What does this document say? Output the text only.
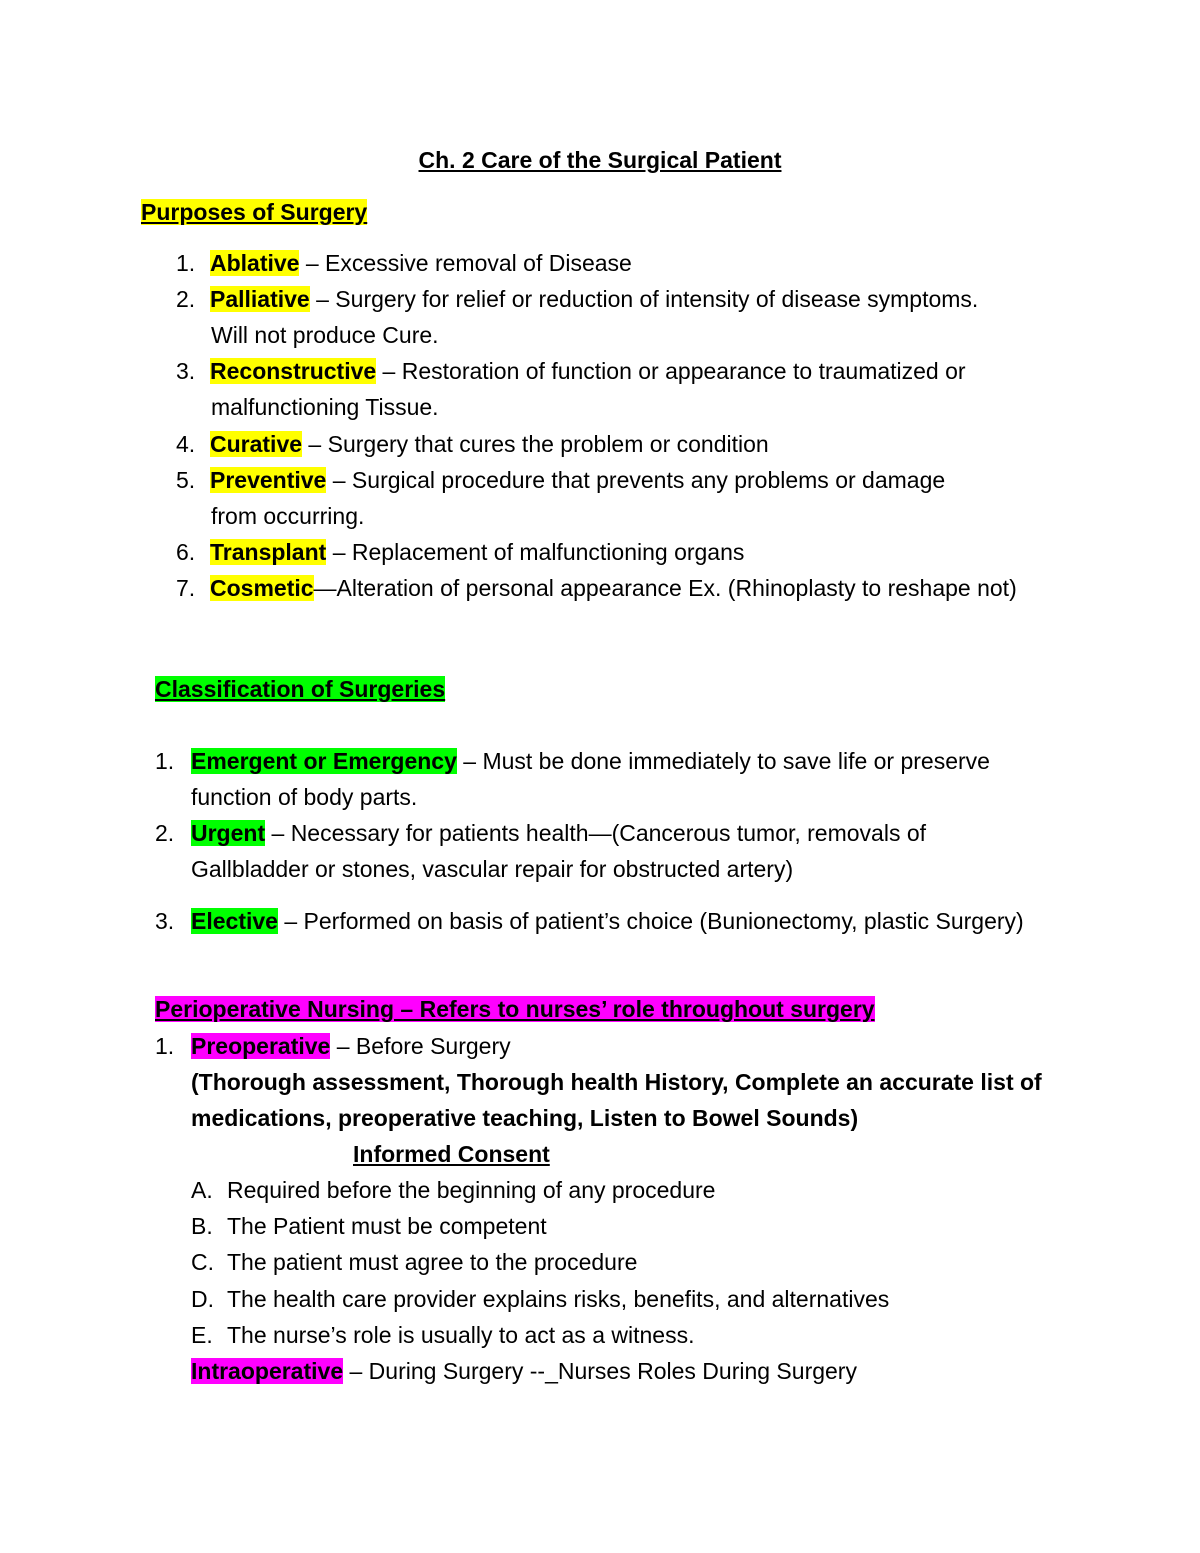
Ch. 2 Care of the Surgical Patient
Purposes of Surgery
1. Ablative – Excessive removal of Disease
2. Palliative – Surgery for relief or reduction of intensity of disease symptoms.
Will not produce Cure.
3. Reconstructive – Restoration of function or appearance to traumatized or
malfunctioning Tissue.
4. Curative – Surgery that cures the problem or condition
5. Preventive – Surgical procedure that prevents any problems or damage
from occurring.
6. Transplant – Replacement of malfunctioning organs
7. Cosmetic—Alteration of personal appearance Ex. (Rhinoplasty to reshape not)
Classification of Surgeries
1. Emergent or Emergency – Must be done immediately to save life or preserve
function of body parts.
2. Urgent – Necessary for patients health—(Cancerous tumor, removals of
Gallbladder or stones, vascular repair for obstructed artery)
3. Elective – Performed on basis of patient’s choice (Bunionectomy, plastic Surgery)
Perioperative Nursing – Refers to nurses’ role throughout surgery
1. Preoperative – Before Surgery
(Thorough assessment, Thorough health History, Complete an accurate list of
medications, preoperative teaching, Listen to Bowel Sounds)
Informed Consent
A. Required before the beginning of any procedure
B. The Patient must be competent
C. The patient must agree to the procedure
D. The health care provider explains risks, benefits, and alternatives
E. The nurse’s role is usually to act as a witness.
Intraoperative – During Surgery --_Nurses Roles During Surgery
